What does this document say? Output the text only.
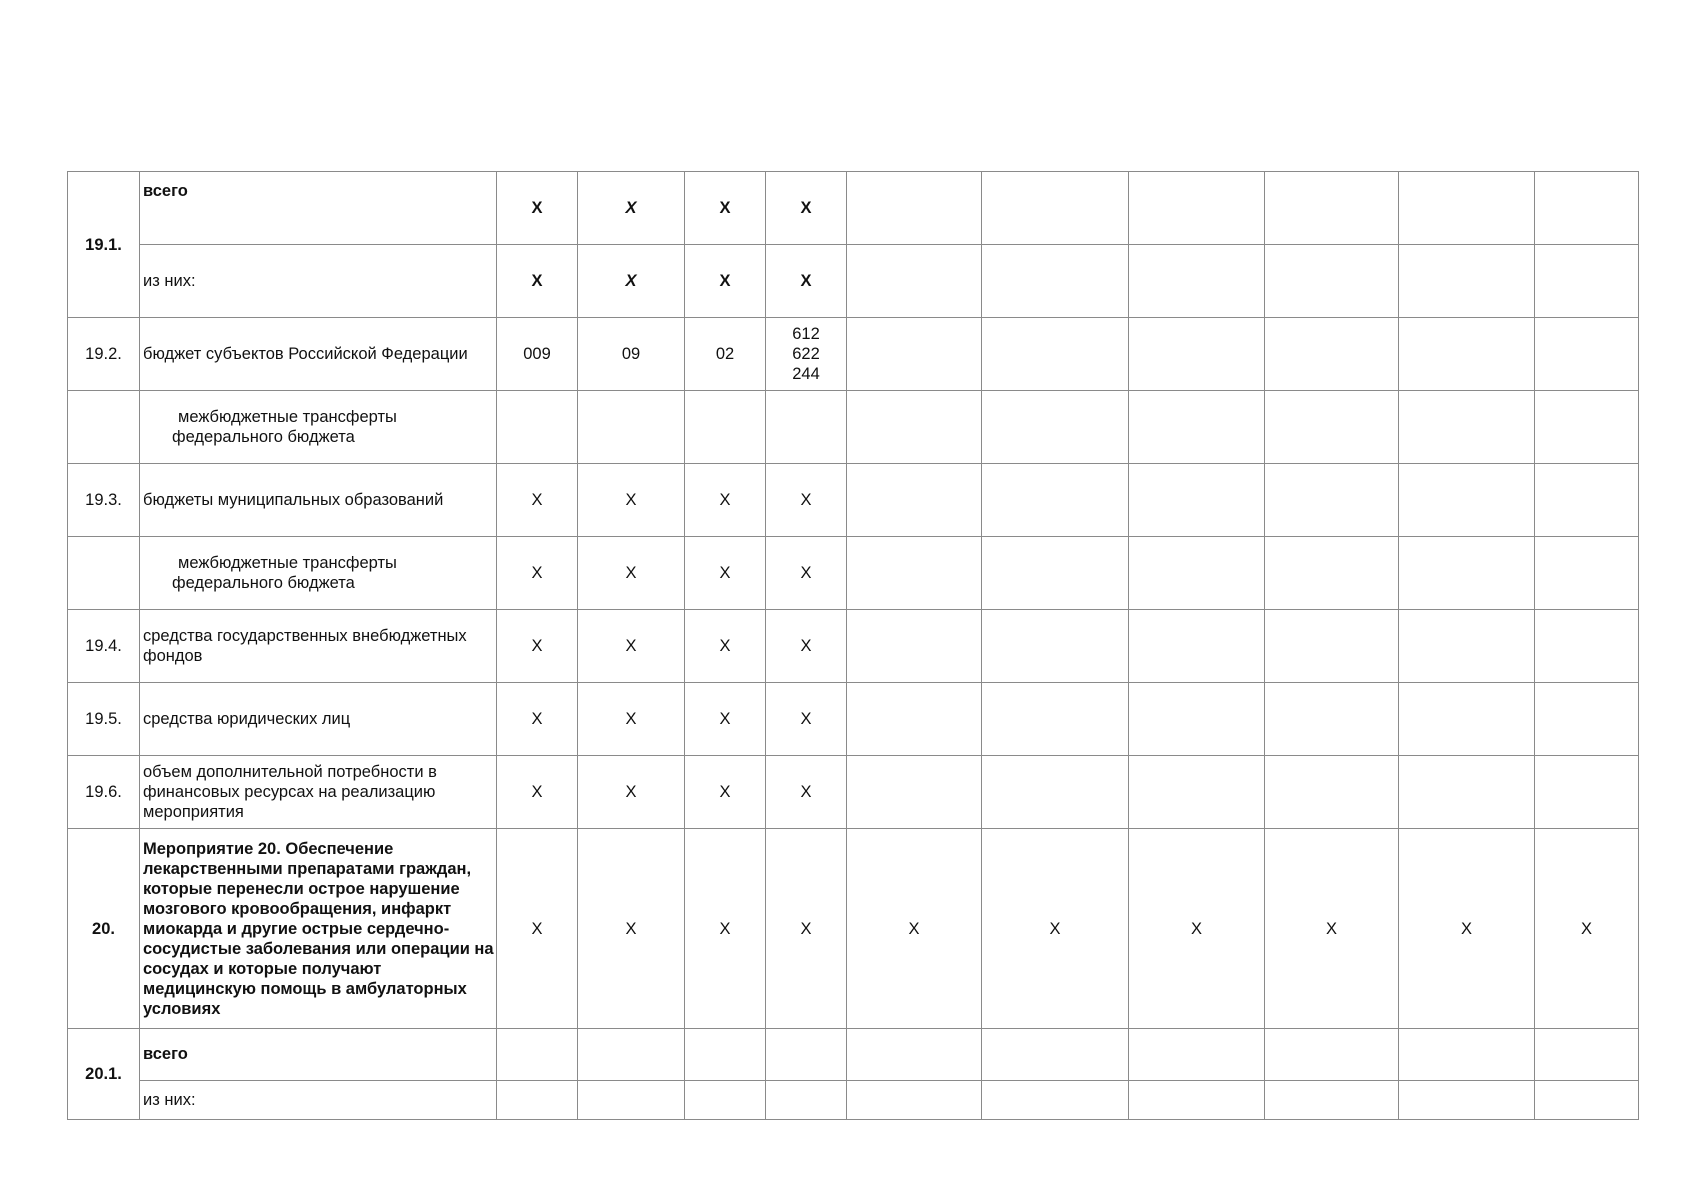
19.1.	всего	X	X	X	X						
	из них:	X	X	X	X						
19.2.	бюджет субъектов Российской Федерации	009	09	02	612
622
244						

	межбюджетные трансферты
федерального бюджета										
19.3.	бюджеты муниципальных образований	X	X	X	X						

	межбюджетные трансферты
федерального бюджета	X	X	X	X						
19.4.	средства государственных внебюджетных фондов	X	X	X	X						
19.5.	средства юридических лиц	X	X	X	X						
19.6.	объем дополнительной потребности в финансовых ресурсах на реализацию мероприятия	X	X	X	X						
20.	Мероприятие 20. Обеспечение лекарственными препаратами граждан, которые перенесли острое нарушение мозгового кровообращения, инфаркт миокарда и другие острые сердечно-сосудистые заболевания или операции на сосудах и которые получают медицинскую помощь в амбулаторных условиях	X	X	X	X	X	X	X	X	X	X
20.1.	всего										
	из них:										
